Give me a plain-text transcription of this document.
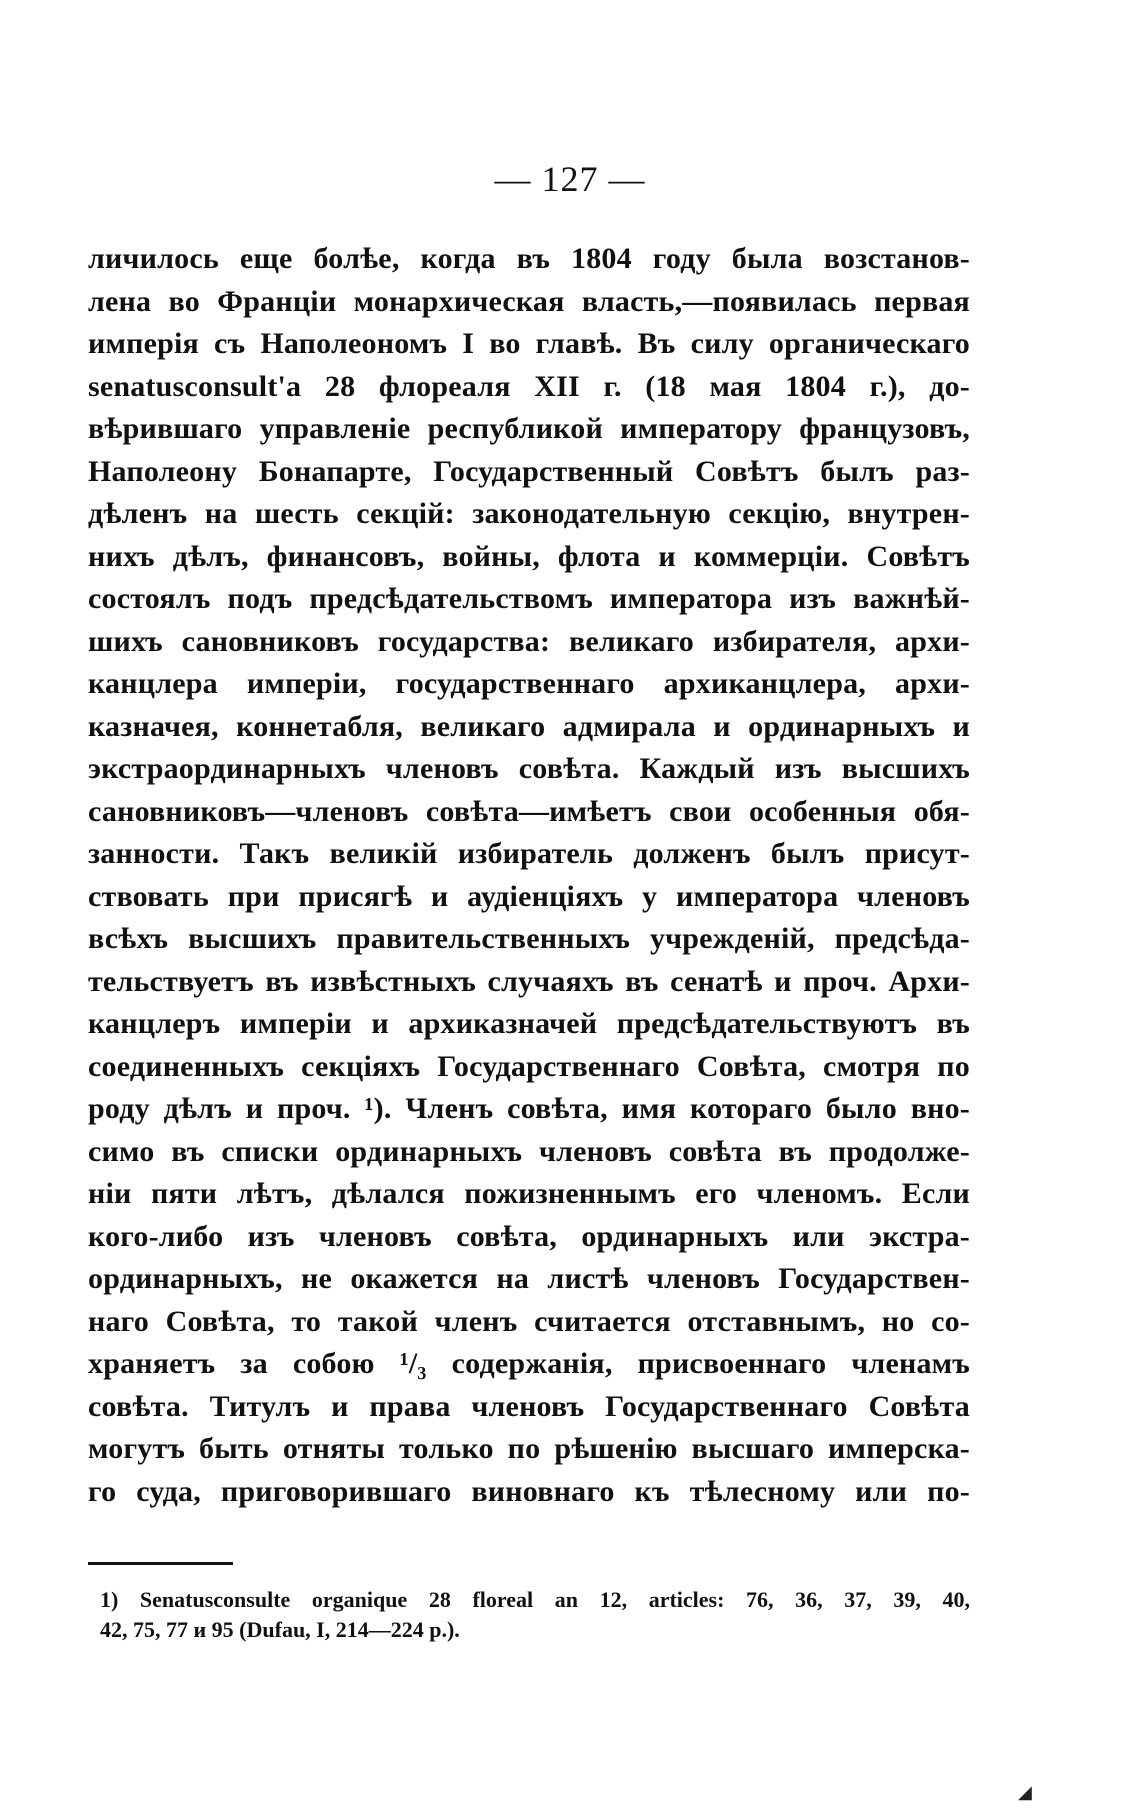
— 127 —
личилось еще болѣе, когда въ 1804 году была возстанов-
лена во Франціи монархическая власть,—появилась первая
имперія съ Наполеономъ I во главѣ. Въ силу органическаго
senatusconsult'a 28 флореаля XII г. (18 мая 1804 г.), до-
вѣрившаго управленіе республикой императору французовъ,
Наполеону Бонапарте, Государственный Совѣтъ былъ раз-
дѣленъ на шесть секцій: законодательную секцію, внутрен-
нихъ дѣлъ, финансовъ, войны, флота и коммерціи. Совѣтъ
состоялъ подъ предсѣдательствомъ императора изъ важнѣй-
шихъ сановниковъ государства: великаго избирателя, архи-
канцлера имперіи, государственнаго архиканцлера, архи-
казначея, коннетабля, великаго адмирала и ординарныхъ и
экстраординарныхъ членовъ совѣта. Каждый изъ высшихъ
сановниковъ—членовъ совѣта—имѣетъ свои особенныя обя-
занности. Такъ великій избиратель долженъ былъ присут-
ствовать при присягѣ и аудіенціяхъ у императора членовъ
всѣхъ высшихъ правительственныхъ учрежденій, предсѣда-
тельствуетъ въ извѣстныхъ случаяхъ въ сенатѣ и проч. Архи-
канцлеръ имперіи и архиказначей предсѣдательствуютъ въ
соединенныхъ секціяхъ Государственнаго Совѣта, смотря по
роду дѣлъ и проч. ¹). Членъ совѣта, имя котораго было вно-
симо въ списки ординарныхъ членовъ совѣта въ продолже-
ніи пяти лѣтъ, дѣлался пожизненнымъ его членомъ. Если
кого-либо изъ членовъ совѣта, ординарныхъ или экстра-
ординарныхъ, не окажется на листѣ членовъ Государствен-
наго Совѣта, то такой членъ считается отставнымъ, но со-
храняетъ за собою ¹/₃ содержанія, присвоеннаго членамъ
совѣта. Титулъ и права членовъ Государственнаго Совѣта
могутъ быть отняты только по рѣшенію высшаго имперска-
го суда, приговорившаго виновнаго къ тѣлесному или по-
1) Senatusconsulte organique 28 floreal an 12, articles: 76, 36, 37, 39, 40,
42, 75, 77 и 95 (Dufau, I, 214—224 p.).
◢
